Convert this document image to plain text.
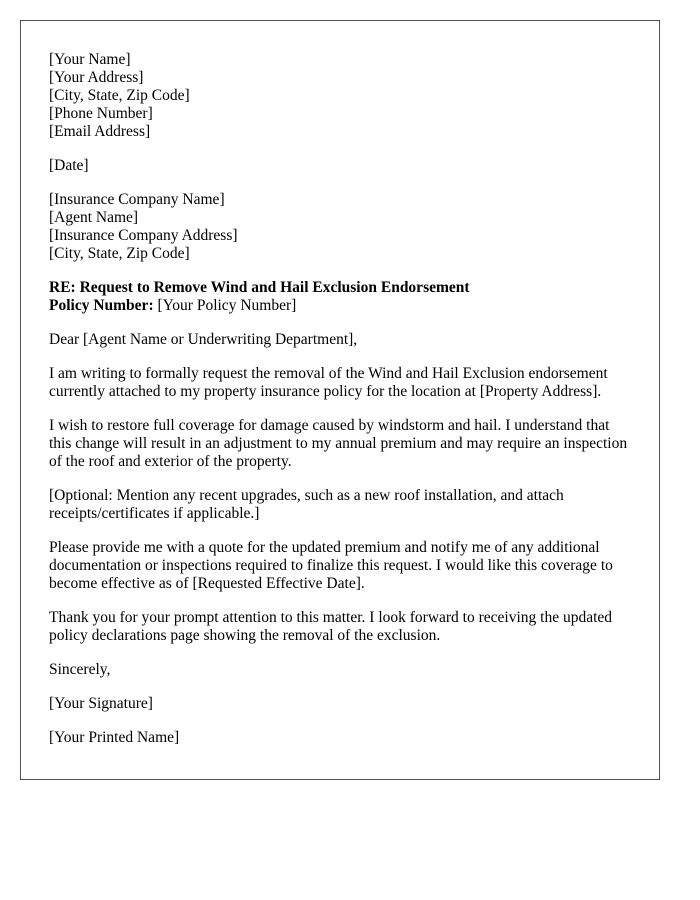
[Your Name]
[Your Address]
[City, State, Zip Code]
[Phone Number]
[Email Address]
[Date]
[Insurance Company Name]
[Agent Name]
[Insurance Company Address]
[City, State, Zip Code]
RE: Request to Remove Wind and Hail Exclusion Endorsement
Policy Number: [Your Policy Number]

Dear [Agent Name or Underwriting Department],

I am writing to formally request the removal of the Wind and Hail Exclusion endorsement currently attached to my property insurance policy for the location at [Property Address].

I wish to restore full coverage for damage caused by windstorm and hail. I understand that this change will result in an adjustment to my annual premium and may require an inspection of the roof and exterior of the property.

[Optional: Mention any recent upgrades, such as a new roof installation, and attach receipts/certificates if applicable.]

Please provide me with a quote for the updated premium and notify me of any additional documentation or inspections required to finalize this request. I would like this coverage to become effective as of [Requested Effective Date].

Thank you for your prompt attention to this matter. I look forward to receiving the updated policy declarations page showing the removal of the exclusion.

Sincerely,

[Your Signature]

[Your Printed Name]
